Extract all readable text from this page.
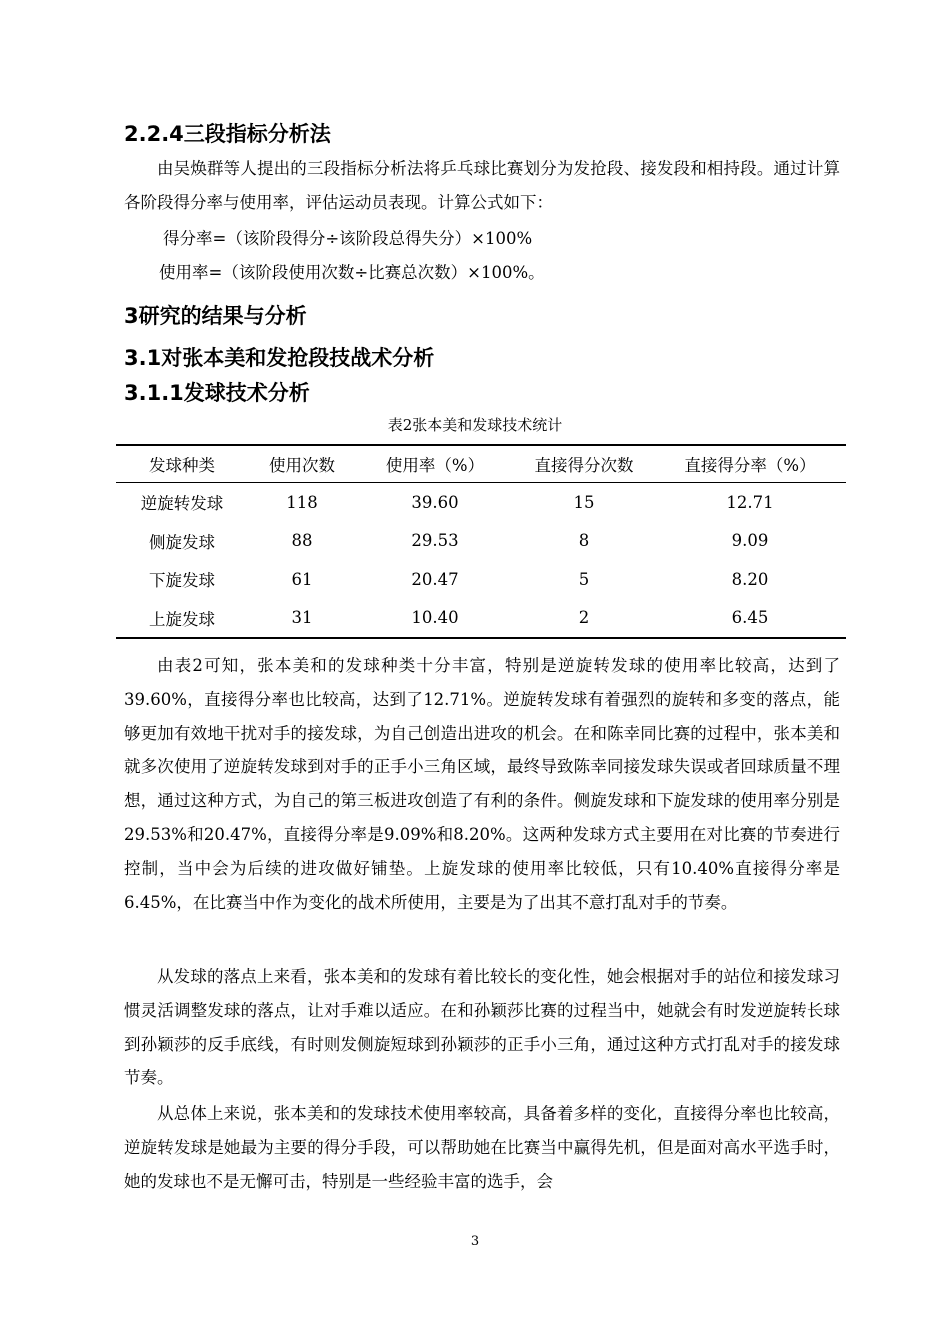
2.2.4三段指标分析法

由吴焕群等人提出的三段指标分析法将乒乓球比赛划分为发抢段、接发段和相持段。通过计算各阶段得分率与使用率，评估运动员表现。计算公式如下：

得分率=（该阶段得分÷该阶段总得失分）×100%
使用率=（该阶段使用次数÷比赛总次数）×100%。
3研究的结果与分析
3.1对张本美和发抢段技战术分析
3.1.1发球技术分析
表2张本美和发球技术统计
发球种类	使用次数	使用率（%）	直接得分次数	直接得分率（%）
逆旋转发球	118	39.60	15	12.71
侧旋发球	88	29.53	8	9.09
下旋发球	61	20.47	5	8.20
上旋发球	31	10.40	2	6.45

由表2可知，张本美和的发球种类十分丰富，特别是逆旋转发球的使用率比较高，达到了39.60%，直接得分率也比较高，达到了12.71%。逆旋转发球有着强烈的旋转和多变的落点，能够更加有效地干扰对手的接发球，为自己创造出进攻的机会。在和陈幸同比赛的过程中，张本美和就多次使用了逆旋转发球到对手的正手小三角区域，最终导致陈幸同接发球失误或者回球质量不理想，通过这种方式，为自己的第三板进攻创造了有利的条件。侧旋发球和下旋发球的使用率分别是29.53%和20.47%，直接得分率是9.09%和8.20%。这两种发球方式主要用在对比赛的节奏进行控制，当中会为后续的进攻做好铺垫。上旋发球的使用率比较低，只有10.40%直接得分率是6.45%，在比赛当中作为变化的战术所使用，主要是为了出其不意打乱对手的节奏。

从发球的落点上来看，张本美和的发球有着比较长的变化性，她会根据对手的站位和接发球习惯灵活调整发球的落点，让对手难以适应。在和孙颖莎比赛的过程当中，她就会有时发逆旋转长球到孙颖莎的反手底线，有时则发侧旋短球到孙颖莎的正手小三角，通过这种方式打乱对手的接发球节奏。

从总体上来说，张本美和的发球技术使用率较高，具备着多样的变化，直接得分率也比较高，逆旋转发球是她最为主要的得分手段，可以帮助她在比赛当中赢得先机，但是面对高水平选手时，她的发球也不是无懈可击，特别是一些经验丰富的选手，会

3
